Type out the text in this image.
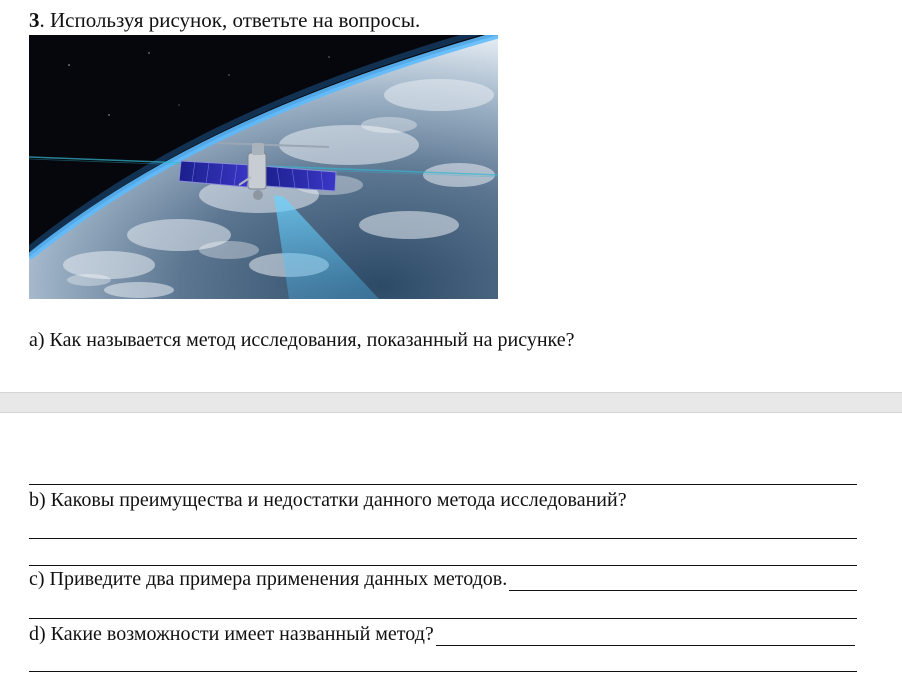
3. Используя рисунок, ответьте на вопросы.
а) Как называется метод исследования, показанный на рисунке?
b) Каковы преимущества и недостатки данного метода исследований?
c) Приведите два примера применения данных методов.
d) Какие возможности имеет названный метод?
